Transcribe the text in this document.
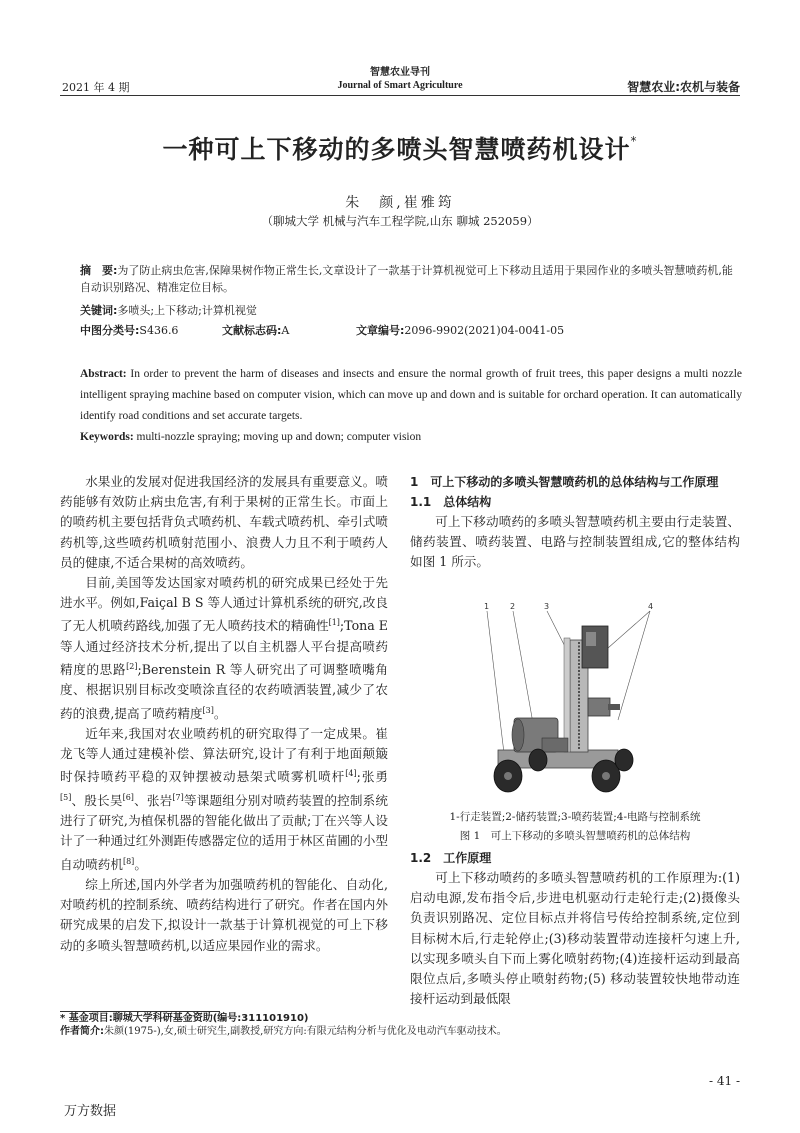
智慧农业导刊
2021 年 4 期	Journal of Smart Agriculture	智慧农业:农机与装备
一种可上下移动的多喷头智慧喷药机设计*
朱　颜,崔雅筠
（聊城大学 机械与汽车工程学院,山东 聊城 252059）
摘　要:为了防止病虫危害,保障果树作物正常生长,文章设计了一款基于计算机视觉可上下移动且适用于果园作业的多喷头智慧喷药机,能自动识别路况、精准定位目标。
关键词:多喷头;上下移动;计算机视觉
中图分类号: S436.6	文献标志码: A	文章编号: 2096-9902(2021)04-0041-05
Abstract: In order to prevent the harm of diseases and insects and ensure the normal growth of fruit trees, this paper designs a multi nozzle intelligent spraying machine based on computer vision, which can move up and down and is suitable for orchard operation. It can automatically identify road conditions and set accurate targets.
Keywords: multi-nozzle spraying; moving up and down; computer vision

水果业的发展对促进我国经济的发展具有重要意义。喷药能够有效防止病虫危害,有利于果树的正常生长。市面上的喷药机主要包括背负式喷药机、车载式喷药机、牵引式喷药机等,这些喷药机喷射范围小、浪费人力且不利于喷药人员的健康,不适合果树的高效喷药。

目前,美国等发达国家对喷药机的研究成果已经处于先进水平。例如,Faiçal B S 等人通过计算机系统的研究,改良了无人机喷药路线,加强了无人喷药技术的精确性[1];Tona E 等人通过经济技术分析,提出了以自主机器人平台提高喷药精度的思路[2];Berenstein R 等人研究出了可调整喷嘴角度、根据识别目标改变喷涂直径的农药喷洒装置,减少了农药的浪费,提高了喷药精度[3]。

近年来,我国对农业喷药机的研究取得了一定成果。崔龙飞等人通过建模补偿、算法研究,设计了有利于地面颠簸时保持喷药平稳的双钟摆被动悬架式喷雾机喷杆[4];张勇[5]、殷长昊[6]、张岩[7]等课题组分别对喷药装置的控制系统进行了研究,为植保机器的智能化做出了贡献;丁在兴等人设计了一种通过红外测距传感器定位的适用于林区苗圃的小型自动喷药机[8]。

综上所述,国内外学者为加强喷药机的智能化、自动化,对喷药机的控制系统、喷药结构进行了研究。作者在国内外研究成果的启发下,拟设计一款基于计算机视觉的可上下移动的多喷头智慧喷药机,以适应果园作业的需求。

1　可上下移动的多喷头智慧喷药机的总体结构与工作原理

1.1　总体结构

可上下移动喷药的多喷头智慧喷药机主要由行走装置、储药装置、喷药装置、电路与控制装置组成,它的整体结构如图 1 所示。

1	2	3	4
1-行走装置;2-储药装置;3-喷药装置;4-电路与控制系统
图 1　可上下移动的多喷头智慧喷药机的总体结构

1.2　工作原理

可上下移动喷药的多喷头智慧喷药机的工作原理为:(1)启动电源,发布指令后,步进电机驱动行走轮行走;(2)摄像头负责识别路况、定位目标点并将信号传给控制系统,定位到目标树木后,行走轮停止;(3)移动装置带动连接杆匀速上升,以实现多喷头自下而上雾化喷射药物;(4)连接杆运动到最高限位点后,多喷头停止喷射药物;(5) 移动装置较快地带动连接杆运动到最低限

* 基金项目:聊城大学科研基金资助(编号:311101910)
作者简介:朱颜(1975-),女,硕士研究生,副教授,研究方向:有限元结构分析与优化及电动汽车驱动技术。
- 41 -
万方数据
